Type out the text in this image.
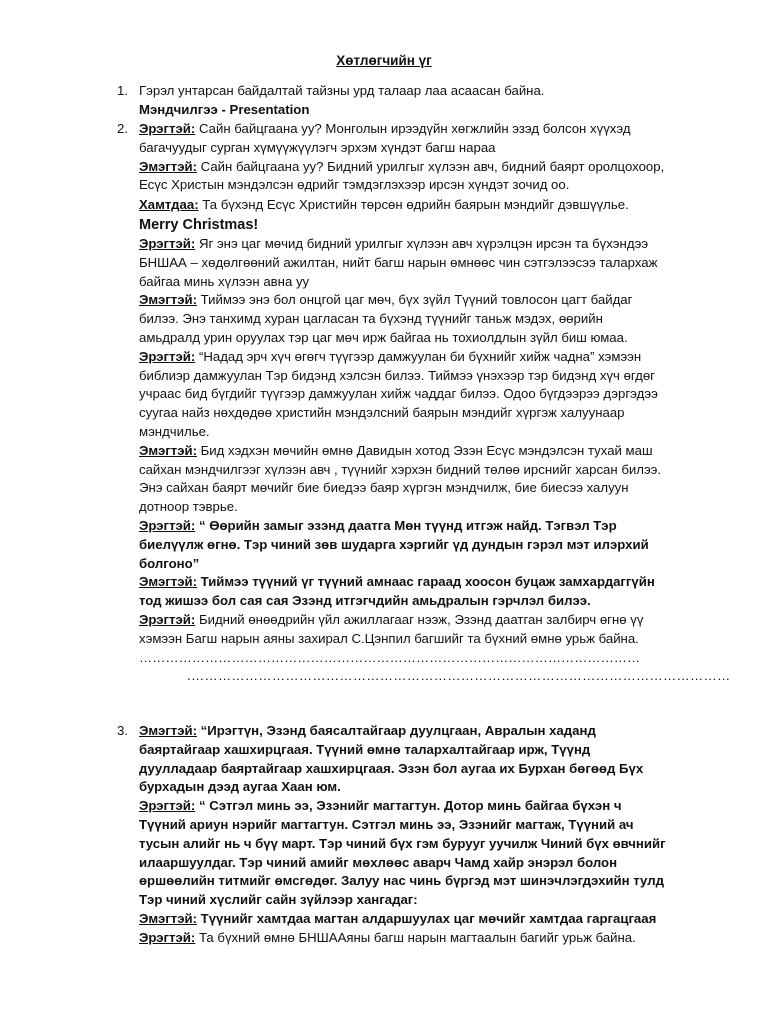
Хөтлөгчийн үг
1. Гэрэл унтарсан байдалтай тайзны урд талаар лаа асаасан байна.

Мэндчилгээ - Presentation

2. Эрэгтэй: Сайн байцгаана уу? Монголын ирээдүйн хөгжлийн эзэд болсон хүүхэд багачуудыг сурган хүмүүжүүлэгч эрхэм хүндэт багш нараа

Эмэгтэй: Сайн байцгаана уу? Бидний урилгыг хүлээн авч, бидний баярт оролцохоор, Есүс Христын мэндэлсэн өдрийг тэмдэглэхээр ирсэн хүндэт зочид оо.

Хамтдаа: Та бүхэнд Есүс Христийн төрсөн өдрийн баярын мэндийг дэвшүүлье.

Merry Christmas!

Эрэгтэй: Яг энэ цаг мөчид бидний урилгыг хүлээн авч хүрэлцэн ирсэн та бүхэндээ БНШАА – хөдөлгөөний ажилтан, нийт багш нарын өмнөөс чин сэтгэлээсээ талархаж байгаа минь хүлээн авна уу

Эмэгтэй: Тиймээ энэ бол онцгой цаг мөч, бүх зүйл Түүний товлосон цагт байдаг билээ. Энэ танхимд хуран цагласан та бүхэнд түүнийг таньж мэдэх, өөрийн амьдралд урин оруулах тэр цаг мөч ирж байгаа нь тохиолдлын зүйл биш юмаа.

Эрэгтэй: “Надад эрч хүч өгөгч түүгээр дамжуулан би бүхнийг хийж чадна” хэмээн библиэр дамжуулан Тэр бидэнд хэлсэн билээ. Тиймээ үнэхээр тэр бидэнд хүч өгдөг учраас бид бүгдийг түүгээр дамжуулан хийж чаддаг билээ. Одоо бүгдээрээ дэргэдээ суугаа найз нөхдөдөө христийн мэндэлсний баярын мэндийг хүргэж халуунаар мэндчилье.

Эмэгтэй: Бид хэдхэн мөчийн өмнө Давидын хотод Эзэн Есүс мэндэлсэн тухай маш сайхан мэндчилгээг хүлээн авч , түүнийг хэрхэн бидний төлөө ирснийг харсан билээ. Энэ сайхан баярт мөчийг бие биедээ баяр хүргэн мэндчилж, бие биесээ халуун дотноор тэврье.

Эрэгтэй: “ Өөрийн замыг эзэнд даатга Мөн түүнд итгэж найд. Тэгвэл Тэр биелүүлж өгнө. Тэр чиний зөв шударга хэргийг үд дундын гэрэл мэт илэрхий болгоно”

Эмэгтэй: Тиймээ түүний үг түүний амнаас гараад хоосон буцаж замхардаггүйн тод жишээ бол сая сая Эзэнд итгэгчдийн амьдралын гэрчлэл билээ.

Эрэгтэй: Бидний өнөөдрийн үйл ажиллагааг нээж, Эзэнд даатган залбирч өгнө үү хэмээн Багш нарын аяны захирал С.Цэнпил багшийг та бүхний өмнө урьж байна. ……………………………………………………………………………………………………

.…………………………………………………………………………………………………………

3. Эмэгтэй: “Ирэгтүн, Эзэнд баясалтайгаар дуулцгаан, Авралын хаданд баяртайгаар хашхирцгаая. Түүний өмнө талархалтайгаар ирж, Түүнд дуулладаар баяртайгаар хашхирцгаая. Эзэн бол аугаа их Бурхан бөгөөд Бүх бурхадын дээд аугаа Хаан юм.

Эрэгтэй: “ Сэтгэл минь ээ, Эзэнийг магтагтун. Дотор минь байгаа бүхэн ч Түүний ариун нэрийг магтагтун. Сэтгэл минь ээ, Эзэнийг магтаж, Түүний ач тусын алийг нь ч бүү март. Тэр чиний бүх гэм бурууг уучилж Чиний бүх өвчнийг илааршуулдаг. Тэр чиний амийг мөхлөөс аварч Чамд хайр энэрэл болон өршөөлийн титмийг өмсгөдөг. Залуу нас чинь бүргэд мэт шинэчлэгдэхийн тулд Тэр чиний хүслийг сайн зүйлээр хангадаг:

Эмэгтэй: Түүнийг хамтдаа магтан алдаршуулах цаг мөчийг хамтдаа гаргацгаая

Эрэгтэй: Та бүхний өмнө БНШААяны багш нарын магтаалын багийг урьж байна.
